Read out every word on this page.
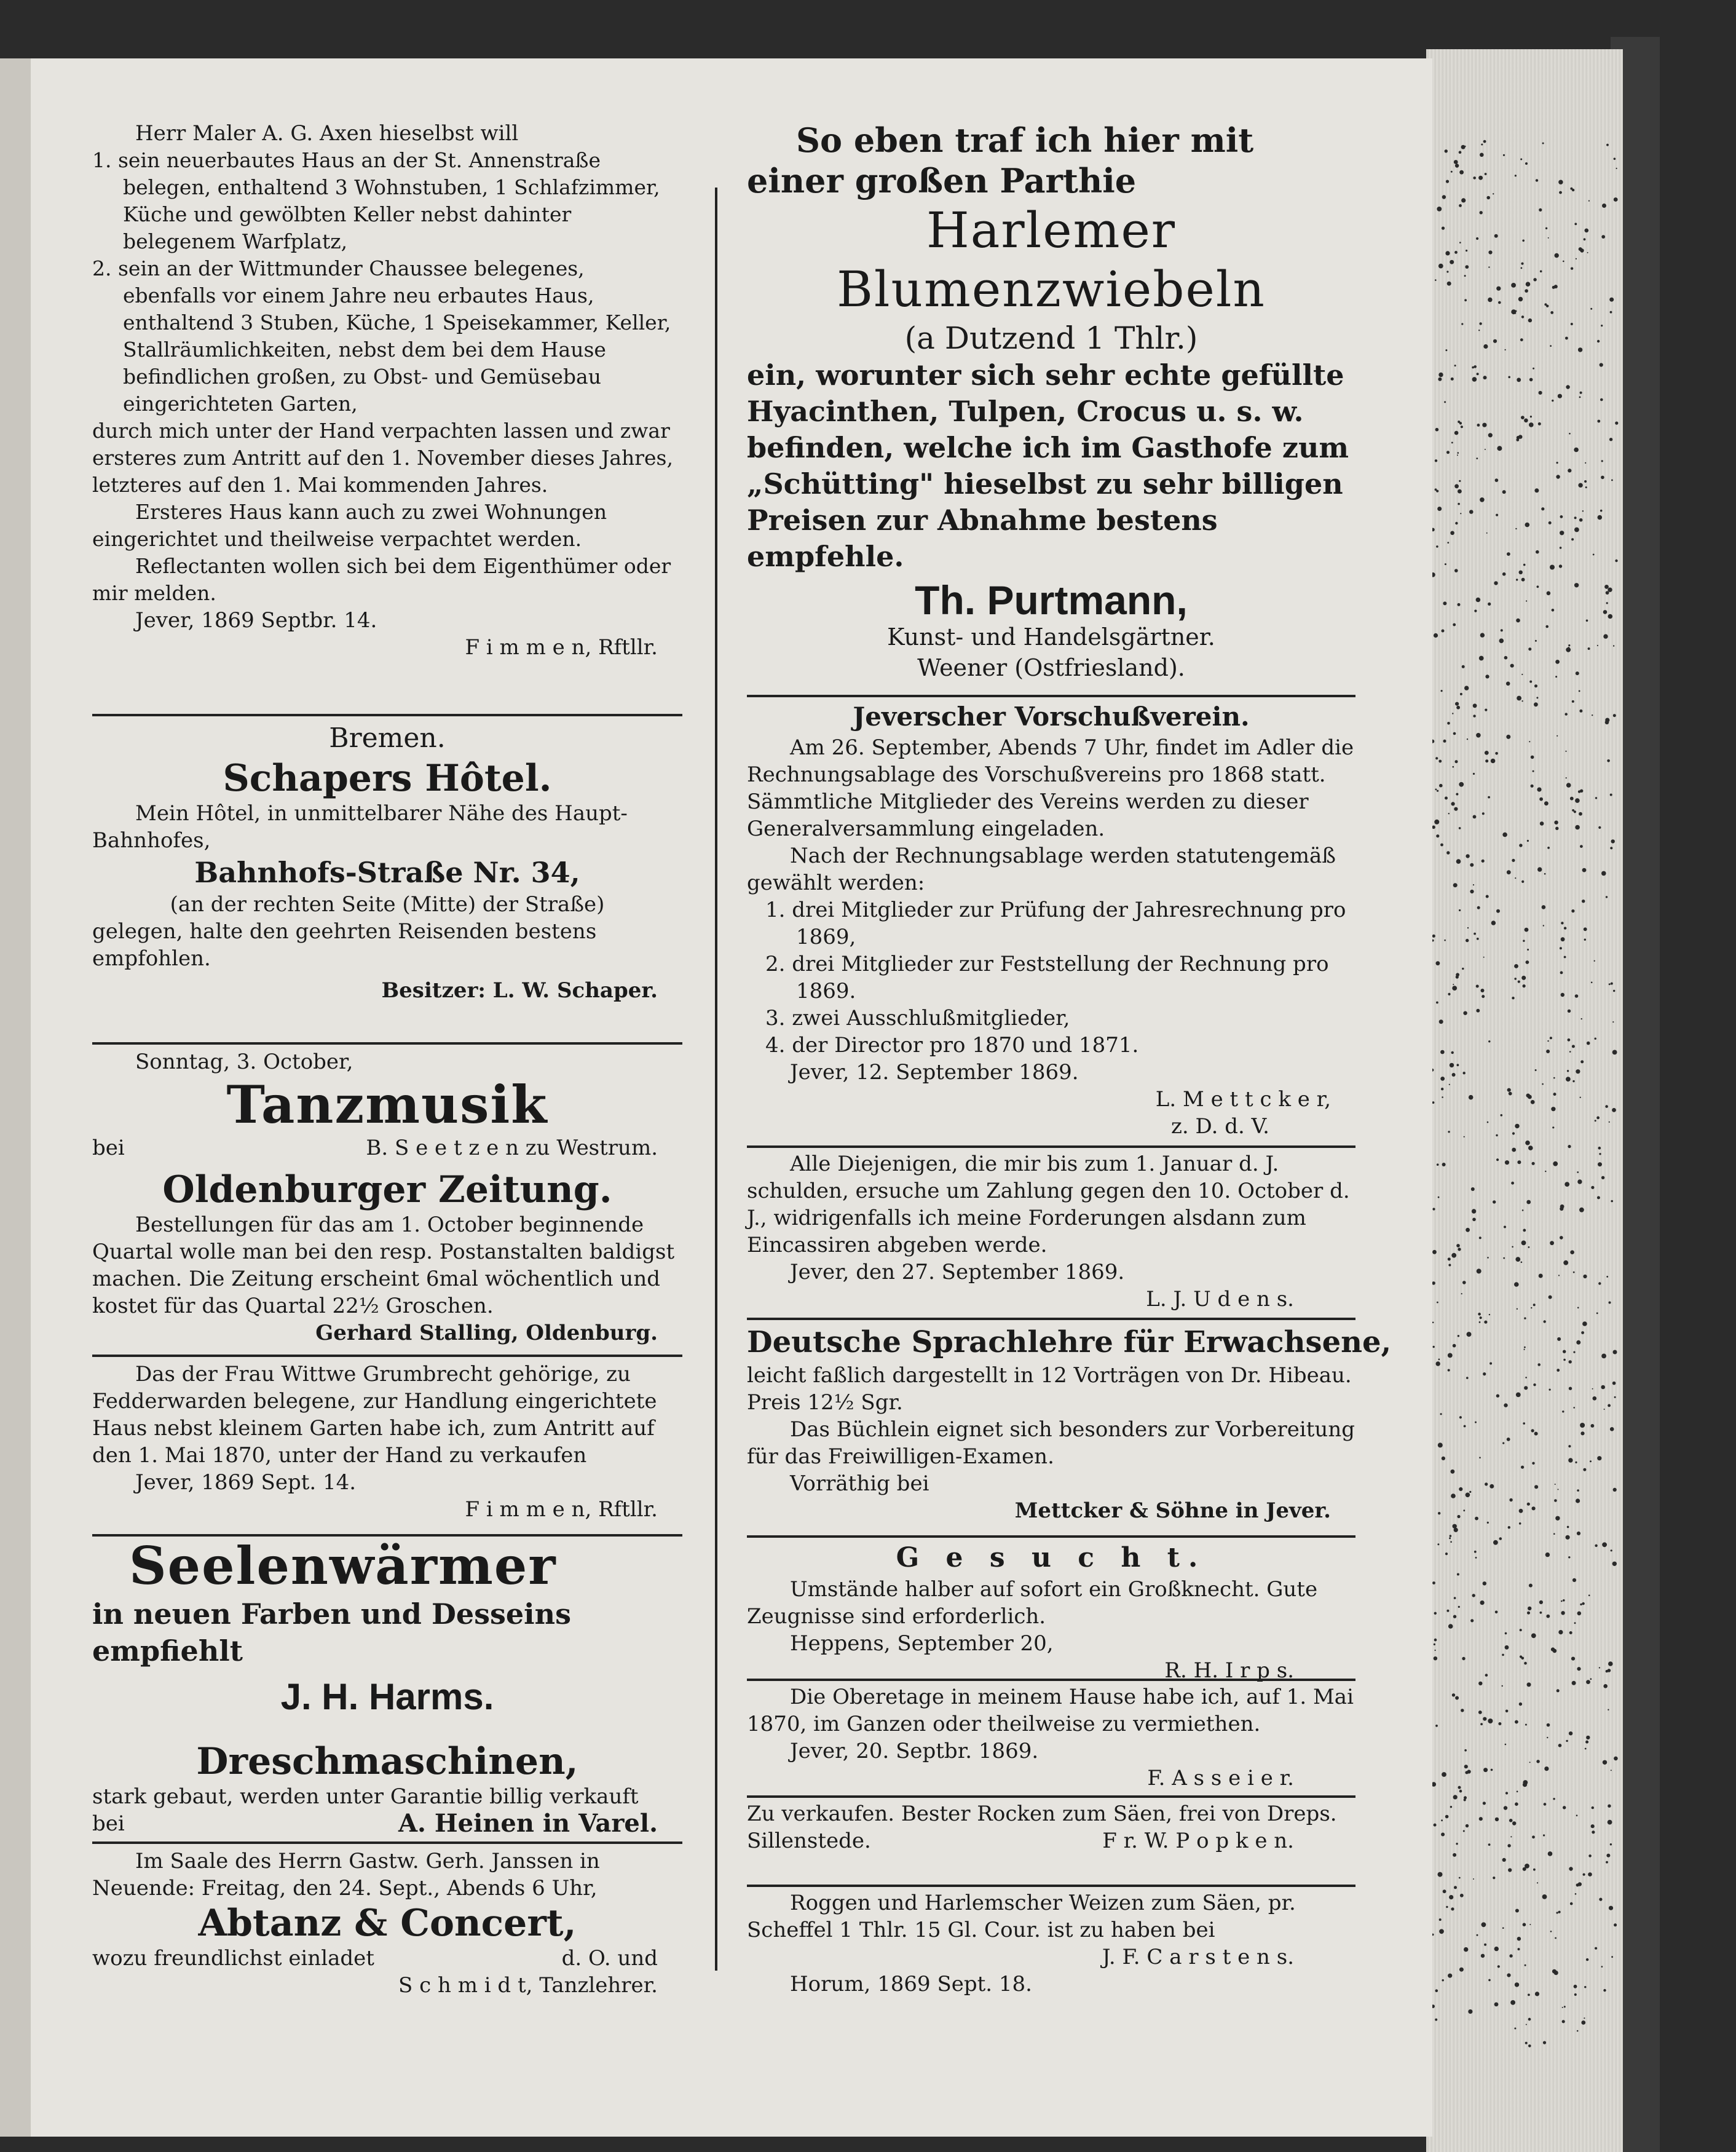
Herr Maler A. G. Axen hieselbst will

1. sein neuerbautes Haus an der St. Annenstraße belegen, enthaltend 3 Wohnstuben, 1 Schlafzimmer, Küche und gewölbten Keller nebst dahinter belegenem Warfplatz,

2. sein an der Wittmunder Chaussee belegenes, ebenfalls vor einem Jahre neu erbautes Haus, enthaltend 3 Stuben, Küche, 1 Speisekammer, Keller, Stallräumlichkeiten, nebst dem bei dem Hause befindlichen großen, zu Obst- und Gemüsebau eingerichteten Garten,

durch mich unter der Hand verpachten lassen und zwar ersteres zum Antritt auf den 1. November dieses Jahres, letzteres auf den 1. Mai kommenden Jahres.

Ersteres Haus kann auch zu zwei Wohnungen eingerichtet und theilweise verpachtet werden.

Reflectanten wollen sich bei dem Eigenthümer oder mir melden.

Jever, 1869 Septbr. 14.

F i m m e n, Rftllr.

Bremen.

Schapers Hôtel.

Mein Hôtel, in unmittelbarer Nähe des Haupt-Bahnhofes,

Bahnhofs-Straße Nr. 34,

(an der rechten Seite (Mitte) der Straße)

gelegen, halte den geehrten Reisenden bestens empfohlen.

Besitzer: L. W. Schaper.

Sonntag, 3. October,

Tanzmusik

bei	B. S e e t z e n zu Westrum.

Oldenburger Zeitung.

Bestellungen für das am 1. October beginnende Quartal wolle man bei den resp. Postanstalten baldigst machen. Die Zeitung erscheint 6mal wöchentlich und kostet für das Quartal 22½ Groschen.

Gerhard Stalling, Oldenburg.

Das der Frau Wittwe Grumbrecht gehörige, zu Fedderwarden belegene, zur Handlung eingerichtete Haus nebst kleinem Garten habe ich, zum Antritt auf den 1. Mai 1870, unter der Hand zu verkaufen

Jever, 1869 Sept. 14.

F i m m e n, Rftllr.

Seelenwärmer

in neuen Farben und Desseins

empfiehlt

J. H. Harms.

Dreschmaschinen,

stark gebaut, werden unter Garantie billig verkauft

bei	A. Heinen in Varel.

Im Saale des Herrn Gastw. Gerh. Janssen in Neuende: Freitag, den 24. Sept., Abends 6 Uhr,

Abtanz & Concert,

wozu freundlichst einladet	d. O. und

S c h m i d t, Tanzlehrer.

So eben traf ich hier mit einer großen Parthie

Harlemer Blumenzwiebeln

(a Dutzend 1 Thlr.)

ein, worunter sich sehr echte gefüllte Hyacinthen, Tulpen, Crocus u. s. w. befinden, welche ich im Gasthofe zum „Schütting" hieselbst zu sehr billigen Preisen zur Abnahme bestens empfehle.

Th. Purtmann,

Kunst- und Handelsgärtner.

Weener (Ostfriesland).

Jeverscher Vorschußverein.

Am 26. September, Abends 7 Uhr, findet im Adler die Rechnungsablage des Vorschußvereins pro 1868 statt. Sämmtliche Mitglieder des Vereins werden zu dieser Generalversammlung eingeladen.

Nach der Rechnungsablage werden statutengemäß gewählt werden:

1. drei Mitglieder zur Prüfung der Jahresrechnung pro 1869,

2. drei Mitglieder zur Feststellung der Rechnung pro 1869.

3. zwei Ausschlußmitglieder,

4. der Director pro 1870 und 1871.

Jever, 12. September 1869.

L. M e t t c k e r,

z. D. d. V.

Alle Diejenigen, die mir bis zum 1. Januar d. J. schulden, ersuche um Zahlung gegen den 10. October d. J., widrigenfalls ich meine Forderungen alsdann zum Eincassiren abgeben werde.

Jever, den 27. September 1869.

L. J. U d e n s.

Deutsche Sprachlehre für Erwachsene,

leicht faßlich dargestellt in 12 Vorträgen von Dr. Hibeau. Preis 12½ Sgr.

Das Büchlein eignet sich besonders zur Vorbereitung für das Freiwilligen-Examen.

Vorräthig bei

Mettcker & Söhne in Jever.

G e s u c h t.

Umstände halber auf sofort ein Großknecht. Gute Zeugnisse sind erforderlich.

Heppens, September 20,

R. H. I r p s.

Die Oberetage in meinem Hause habe ich, auf 1. Mai 1870, im Ganzen oder theilweise zu vermiethen.

Jever, 20. Septbr. 1869.

F. A s s e i e r.

Zu verkaufen. Bester Rocken zum Säen, frei von Dreps.

Sillenstede.	F r. W. P o p k e n.

Roggen und Harlemscher Weizen zum Säen, pr. Scheffel 1 Thlr. 15 Gl. Cour. ist zu haben bei

J. F. C a r s t e n s.

Horum, 1869 Sept. 18.
